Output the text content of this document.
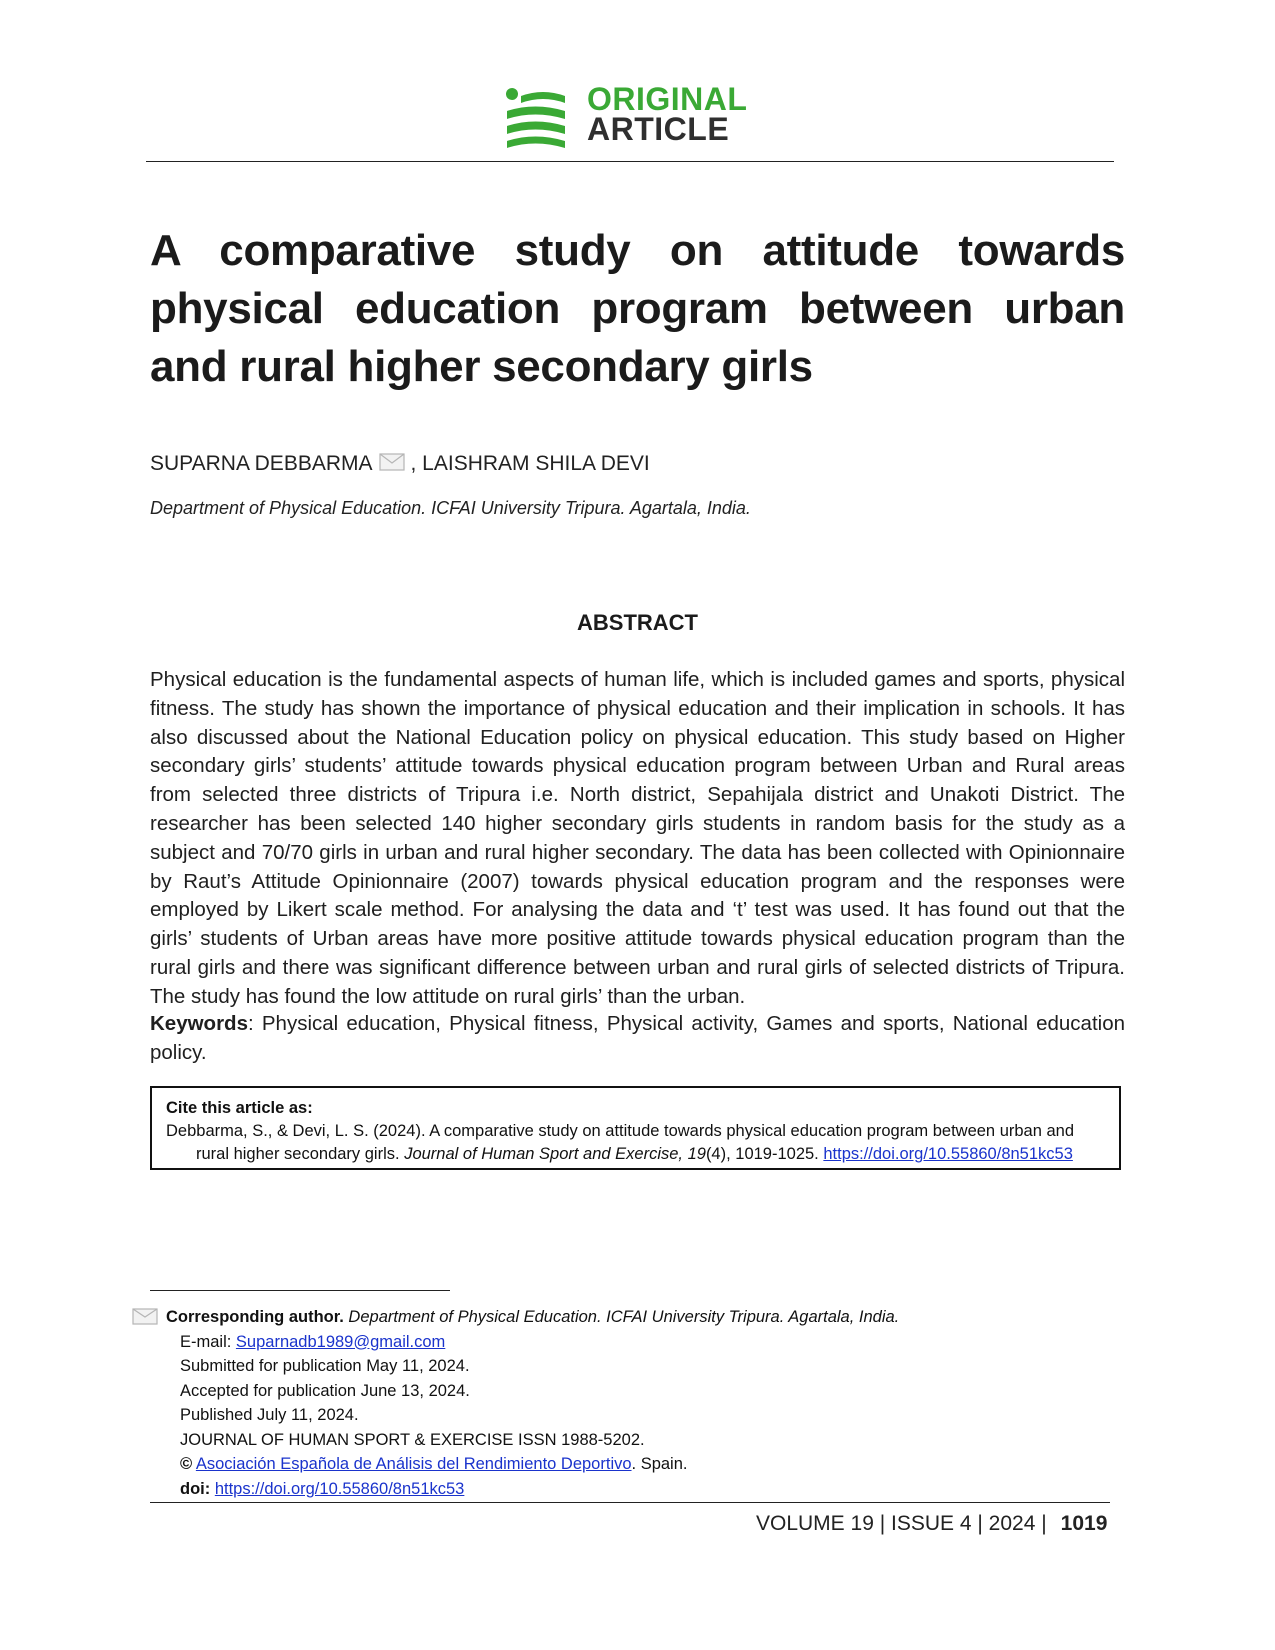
ORIGINAL
ARTICLE
A comparative study on attitude towards physical education program between urban and rural higher secondary girls
SUPARNA DEBBARMA , LAISHRAM SHILA DEVI
Department of Physical Education. ICFAI University Tripura. Agartala, India.
ABSTRACT

Physical education is the fundamental aspects of human life, which is included games and sports, physical fitness. The study has shown the importance of physical education and their implication in schools. It has also discussed about the National Education policy on physical education. This study based on Higher secondary girls’ students’ attitude towards physical education program between Urban and Rural areas from selected three districts of Tripura i.e. North district, Sepahijala district and Unakoti District. The researcher has been selected 140 higher secondary girls students in random basis for the study as a subject and 70/70 girls in urban and rural higher secondary. The data has been collected with Opinionnaire by Raut’s Attitude Opinionnaire (2007) towards physical education program and the responses were employed by Likert scale method. For analysing the data and ‘t’ test was used. It has found out that the girls’ students of Urban areas have more positive attitude towards physical education program than the rural girls and there was significant difference between urban and rural girls of selected districts of Tripura. The study has found the low attitude on rural girls’ than the urban.

Keywords: Physical education, Physical fitness, Physical activity, Games and sports, National education policy.

Cite this article as:
Debbarma, S., & Devi, L. S. (2024). A comparative study on attitude towards physical education program between urban and rural higher secondary girls. Journal of Human Sport and Exercise, 19(4), 1019-1025. https://doi.org/10.55860/8n51kc53
Corresponding author. Department of Physical Education. ICFAI University Tripura. Agartala, India.
E-mail: Suparnadb1989@gmail.com
Submitted for publication May 11, 2024.
Accepted for publication June 13, 2024.
Published July 11, 2024.
JOURNAL OF HUMAN SPORT & EXERCISE ISSN 1988-5202.
© Asociación Española de Análisis del Rendimiento Deportivo. Spain.
doi: https://doi.org/10.55860/8n51kc53
VOLUME 19 | ISSUE 4 | 2024 | 1019
